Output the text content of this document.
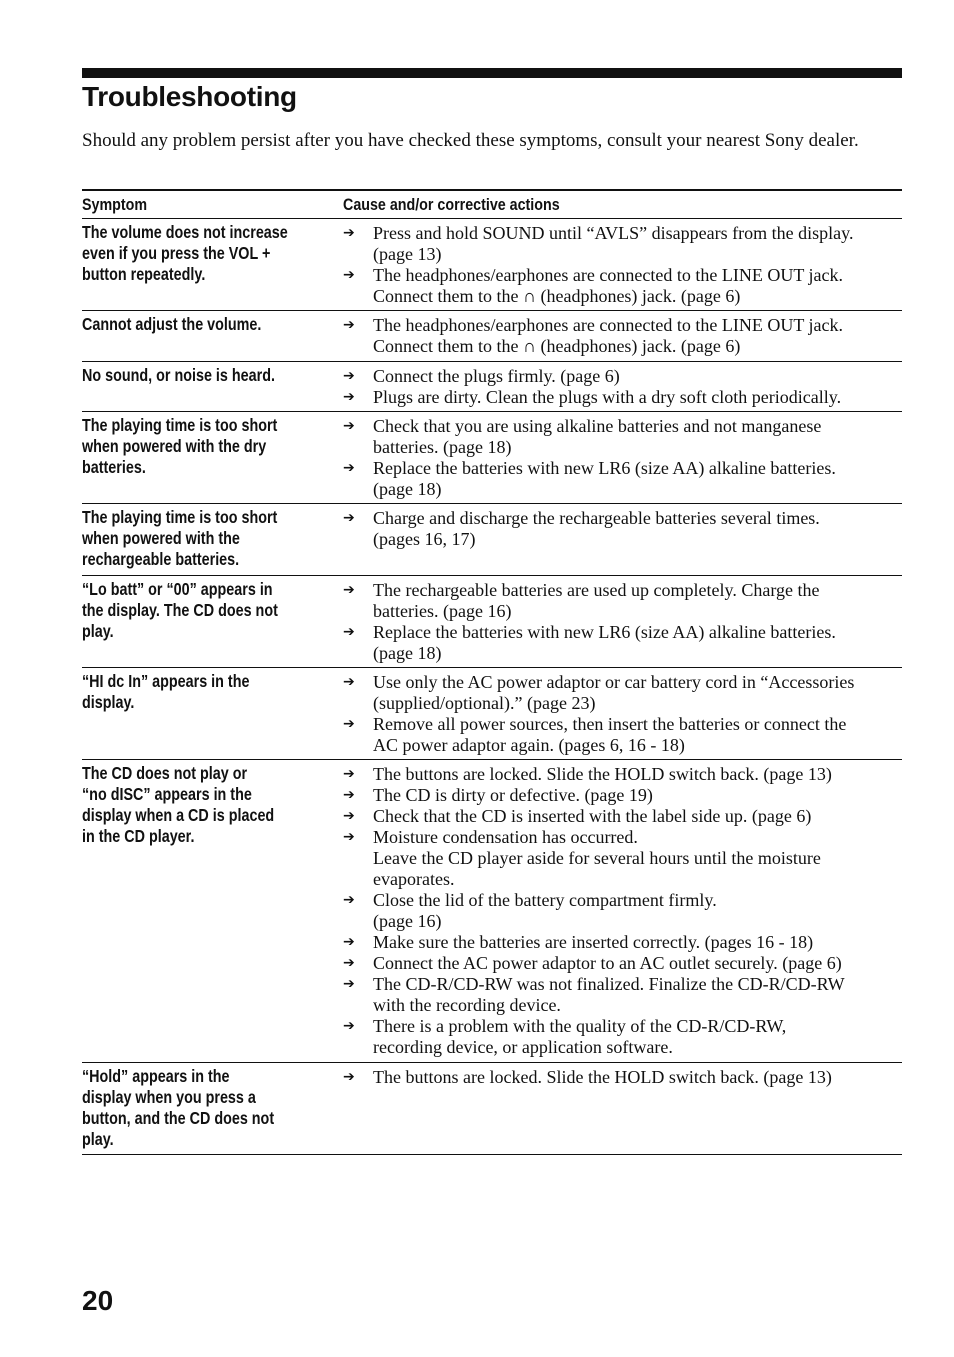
Troubleshooting

Should any problem persist after you have checked these symptoms, consult your nearest Sony dealer.

Symptom	Cause and/or corrective actions
The volume does not increase
even if you press the VOL +
button repeatedly.
➔	Press and hold SOUND until “AVLS” disappears from the display.
(page 13)
➔	The headphones/earphones are connected to the LINE OUT jack.
Connect them to the ∩ (headphones) jack. (page 6)
Cannot adjust the volume.	➔	The headphones/earphones are connected to the LINE OUT jack.
Connect them to the ∩ (headphones) jack. (page 6)
No sound, or noise is heard.	➔	Connect the plugs firmly. (page 6)
➔	Plugs are dirty. Clean the plugs with a dry soft cloth periodically.
The playing time is too short
when powered with the dry
batteries.
➔	Check that you are using alkaline batteries and not manganese
batteries. (page 18)
➔	Replace the batteries with new LR6 (size AA) alkaline batteries.
(page 18)
The playing time is too short
when powered with the
rechargeable batteries.
➔	Charge and discharge the rechargeable batteries several times.
(pages 16, 17)
“Lo batt” or “00” appears in
the display. The CD does not
play.
➔	The rechargeable batteries are used up completely. Charge the
batteries. (page 16)
➔	Replace the batteries with new LR6 (size AA) alkaline batteries.
(page 18)
“HI dc In” appears in the
display.
➔	Use only the AC power adaptor or car battery cord in “Accessories
(supplied/optional).” (page 23)
➔	Remove all power sources, then insert the batteries or connect the
AC power adaptor again. (pages 6, 16 - 18)
The CD does not play or
“no dISC” appears in the
display when a CD is placed
in the CD player.
➔	The buttons are locked. Slide the HOLD switch back. (page 13)
➔	The CD is dirty or defective. (page 19)
➔	Check that the CD is inserted with the label side up. (page 6)
➔	Moisture condensation has occurred.
Leave the CD player aside for several hours until the moisture
evaporates.
➔	Close the lid of the battery compartment firmly.
(page 16)
➔	Make sure the batteries are inserted correctly. (pages 16 - 18)
➔	Connect the AC power adaptor to an AC outlet securely. (page 6)
➔	The CD-R/CD-RW was not finalized. Finalize the CD-R/CD-RW
with the recording device.
➔	There is a problem with the quality of the CD-R/CD-RW,
recording device, or application software.
“Hold” appears in the
display when you press a
button, and the CD does not
play.
➔	The buttons are locked. Slide the HOLD switch back. (page 13)
20
